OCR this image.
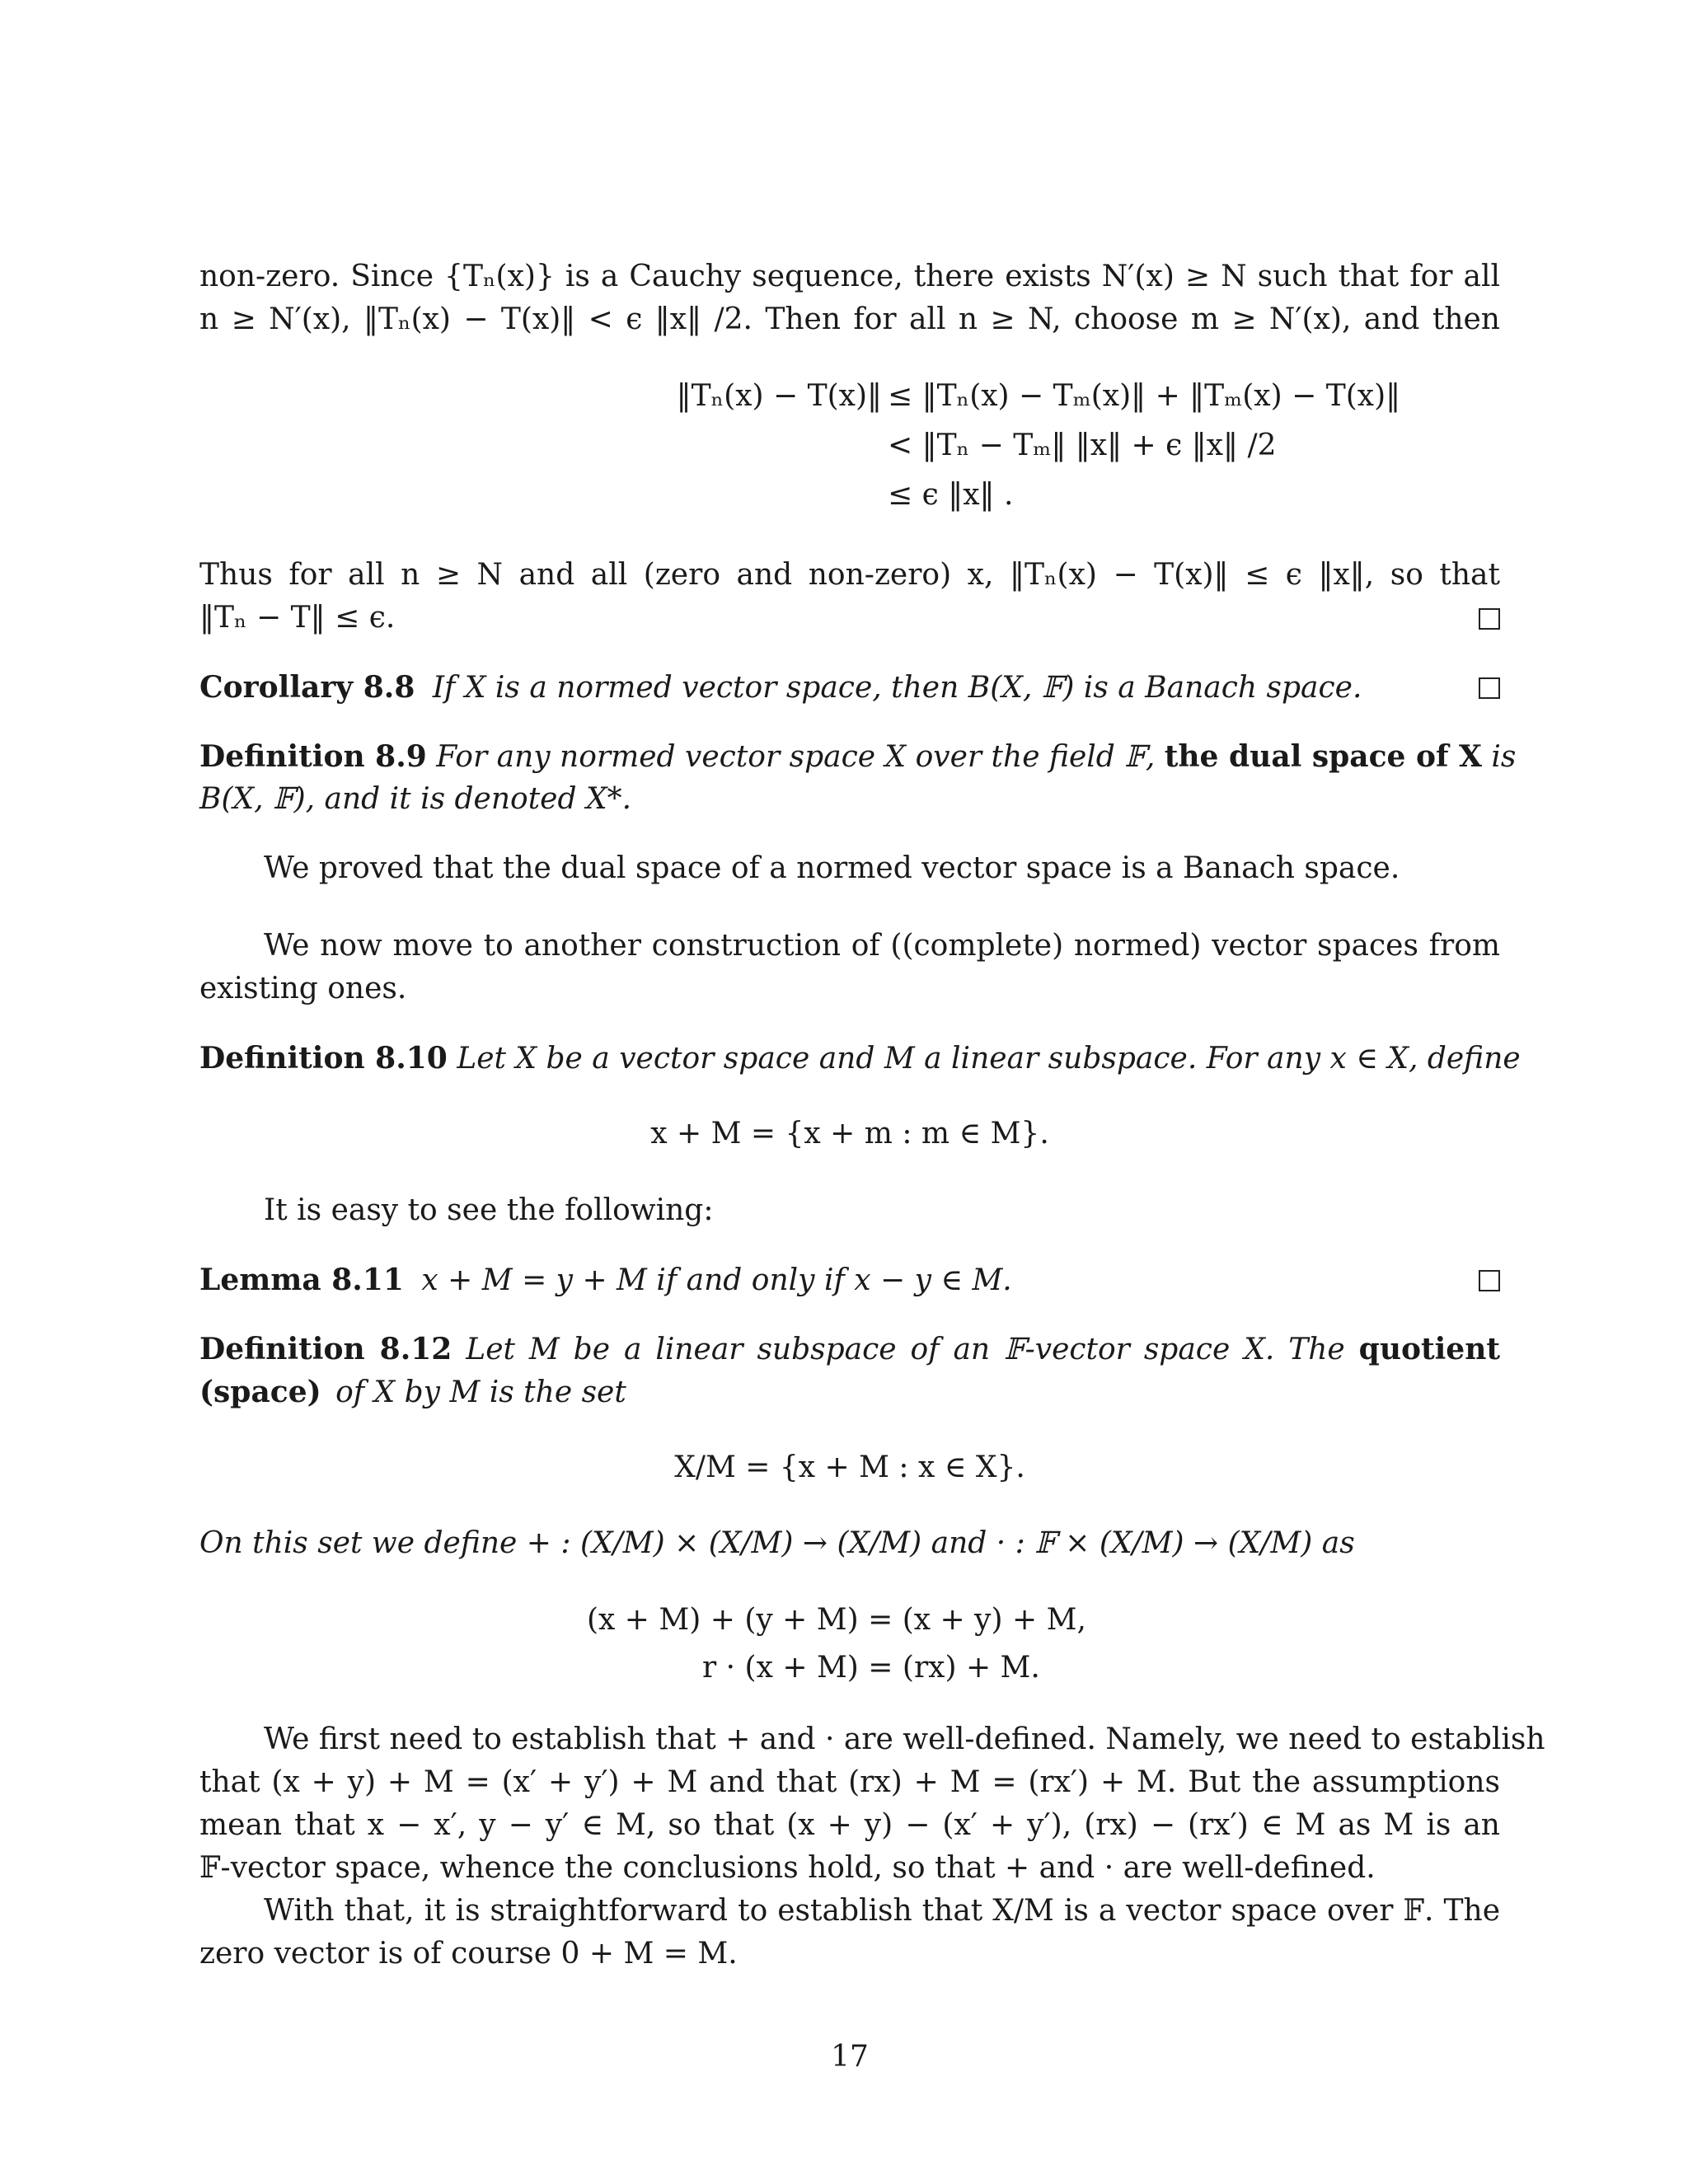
non-zero. Since {Tₙ(x)} is a Cauchy sequence, there exists N′(x) ≥ N such that for all
n ≥ N′(x), ‖Tₙ(x) − T(x)‖ < ϵ ‖x‖ /2. Then for all n ≥ N, choose m ≥ N′(x), and then
‖Tₙ(x) − T(x)‖ ≤ ‖Tₙ(x) − Tₘ(x)‖ + ‖Tₘ(x) − T(x)‖
< ‖Tₙ − Tₘ‖ ‖x‖ + ϵ ‖x‖ /2
≤ ϵ ‖x‖ .
Thus for all n ≥ N and all (zero and non-zero) x, ‖Tₙ(x) − T(x)‖ ≤ ϵ ‖x‖, so that
‖Tₙ − T‖ ≤ ϵ.
Corollary 8.8 If X is a normed vector space, then B(X, 𝔽) is a Banach space.
Definition 8.9 For any normed vector space X over the field 𝔽, the dual space of X is
B(X, 𝔽), and it is denoted X*.
We proved that the dual space of a normed vector space is a Banach space.
We now move to another construction of ((complete) normed) vector spaces from
existing ones.
Definition 8.10 Let X be a vector space and M a linear subspace. For any x ∈ X, define
x + M = {x + m : m ∈ M}.
It is easy to see the following:
Lemma 8.11 x + M = y + M if and only if x − y ∈ M.
Definition 8.12 Let M be a linear subspace of an 𝔽-vector space X. The quotient
(space) of X by M is the set
X/M = {x + M : x ∈ X}.
On this set we define + : (X/M) × (X/M) → (X/M) and · : 𝔽 × (X/M) → (X/M) as
(x + M) + (y + M) = (x + y) + M,
r · (x + M) = (rx) + M.
We first need to establish that + and · are well-defined. Namely, we need to establish
that (x + y) + M = (x′ + y′) + M and that (rx) + M = (rx′) + M. But the assumptions
mean that x − x′, y − y′ ∈ M, so that (x + y) − (x′ + y′), (rx) − (rx′) ∈ M as M is an
𝔽-vector space, whence the conclusions hold, so that + and · are well-defined.
With that, it is straightforward to establish that X/M is a vector space over 𝔽. The
zero vector is of course 0 + M = M.
17
